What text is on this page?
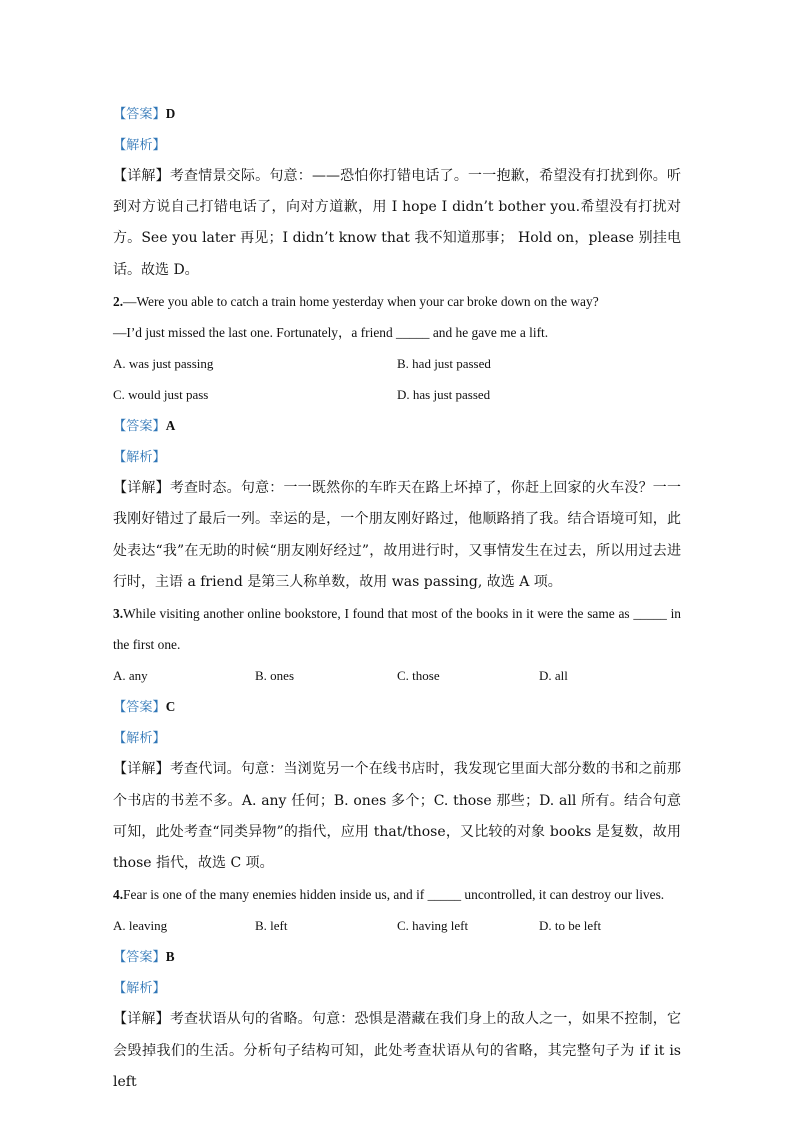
【答案】D
【解析】
【详解】考查情景交际。句意：——恐怕你打错电话了。一一抱歉，希望没有打扰到你。听到对方说自己打错电话了，向对方道歉，用 I hope I didn’t bother you.希望没有打扰对方。See you later 再见；I didn’t know that 我不知道那事； Hold on，please 别挂电话。故选 D。
2.—Were you able to catch a train home yesterday when your car broke down on the way?
—I’d just missed the last one. Fortunately，a friend _____ and he gave me a lift.
A. was just passing	B. had just passed
C. would just pass	D. has just passed
【答案】A
【解析】
【详解】考查时态。句意：一一既然你的车昨天在路上坏掉了，你赶上回家的火车没？一一我刚好错过了最后一列。幸运的是，一个朋友刚好路过，他顺路捎了我。结合语境可知，此处表达“我”在无助的时候“朋友刚好经过”，故用进行时，又事情发生在过去，所以用过去进行时，主语 a friend 是第三人称单数，故用 was passing, 故选 A 项。
3.While visiting another online bookstore, I found that most of the books in it were the same as _____ in the first one.
A. any	B. ones	C. those	D. all
【答案】C
【解析】
【详解】考查代词。句意：当浏览另一个在线书店时，我发现它里面大部分数的书和之前那个书店的书差不多。A. any 任何；B. ones 多个；C. those 那些；D. all 所有。结合句意可知，此处考查“同类异物”的指代，应用 that/those，又比较的对象 books 是复数，故用 those 指代，故选 C 项。
4.Fear is one of the many enemies hidden inside us, and if _____ uncontrolled, it can destroy our lives.
A. leaving	B. left	C. having left	D. to be left
【答案】B
【解析】
【详解】考查状语从句的省略。句意：恐惧是潜藏在我们身上的敌人之一，如果不控制，它会毁掉我们的生活。分析句子结构可知，此处考查状语从句的省略，其完整句子为 if it is left
